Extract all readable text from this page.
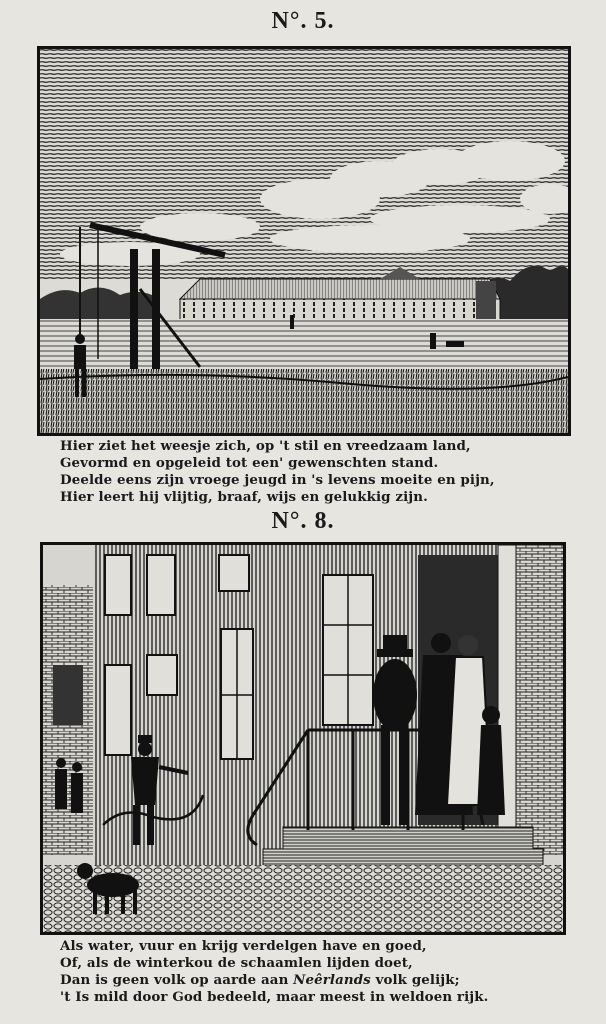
N°. 5.
Hier ziet het weesje zich, op 't stil en vreedzaam land,
Gevormd en opgeleid tot een' gewenschten stand.
Deelde eens zijn vroege jeugd in 's levens moeite en pijn,
Hier leert hij vlijtig, braaf, wijs en gelukkig zijn.
N°. 8.
Als water, vuur en krijg verdelgen have en goed,
Of, als de winterkou de schaamlen lijden doet,
Dan is geen volk op aarde aan Neêrlands volk gelijk;
't Is mild door God bedeeld, maar meest in weldoen rijk.
